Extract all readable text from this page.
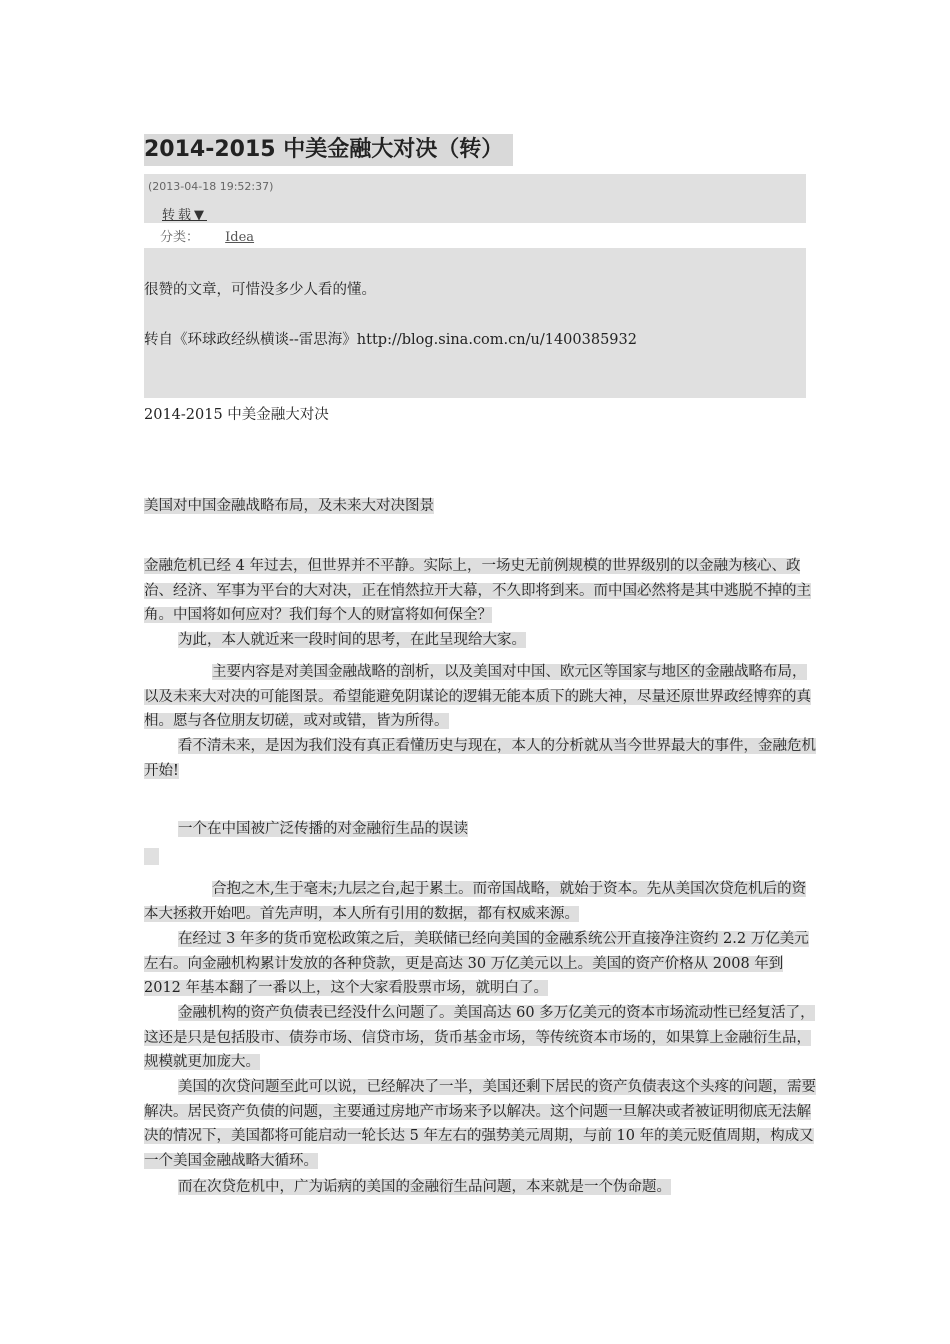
2014-2015 中美金融大对决（转）
(2013-04-18 19:52:37)
转载▼
分类： Idea
很赞的文章，可惜没多少人看的懂。
转自《环球政经纵横谈--雷思海》http://blog.sina.com.cn/u/1400385932
2014-2015 中美金融大对决
美国对中国金融战略布局，及未来大对决图景
金融危机已经 4 年过去，但世界并不平静。实际上，一场史无前例规模的世界级别的以金融为核心、政治、经济、军事为平台的大对决，正在悄然拉开大幕，不久即将到来。而中国必然将是其中逃脱不掉的主角。中国将如何应对？我们每个人的财富将如何保全？
为此，本人就近来一段时间的思考，在此呈现给大家。
主要内容是对美国金融战略的剖析，以及美国对中国、欧元区等国家与地区的金融战略布局，以及未来大对决的可能图景。希望能避免阴谋论的逻辑无能本质下的跳大神，尽量还原世界政经博弈的真相。愿与各位朋友切磋，或对或错，皆为所得。
看不清未来，是因为我们没有真正看懂历史与现在，本人的分析就从当今世界最大的事件，金融危机开始!
一个在中国被广泛传播的对金融衍生品的误读
合抱之木,生于毫末;九层之台,起于累土。而帝国战略，就始于资本。先从美国次贷危机后的资本大拯救开始吧。首先声明，本人所有引用的数据，都有权威来源。
在经过 3 年多的货币宽松政策之后，美联储已经向美国的金融系统公开直接净注资约 2.2 万亿美元左右。向金融机构累计发放的各种贷款，更是高达 30 万亿美元以上。美国的资产价格从 2008 年到 2012 年基本翻了一番以上，这个大家看股票市场，就明白了。
金融机构的资产负债表已经没什么问题了。美国高达 60 多万亿美元的资本市场流动性已经复活了，这还是只是包括股市、债券市场、信贷市场，货币基金市场，等传统资本市场的，如果算上金融衍生品，规模就更加庞大。
美国的次贷问题至此可以说，已经解决了一半，美国还剩下居民的资产负债表这个头疼的问题，需要解决。居民资产负债的问题，主要通过房地产市场来予以解决。这个问题一旦解决或者被证明彻底无法解决的情况下，美国都将可能启动一轮长达 5 年左右的强势美元周期，与前 10 年的美元贬值周期，构成又一个美国金融战略大循环。
而在次贷危机中，广为诟病的美国的金融衍生品问题，本来就是一个伪命题。
